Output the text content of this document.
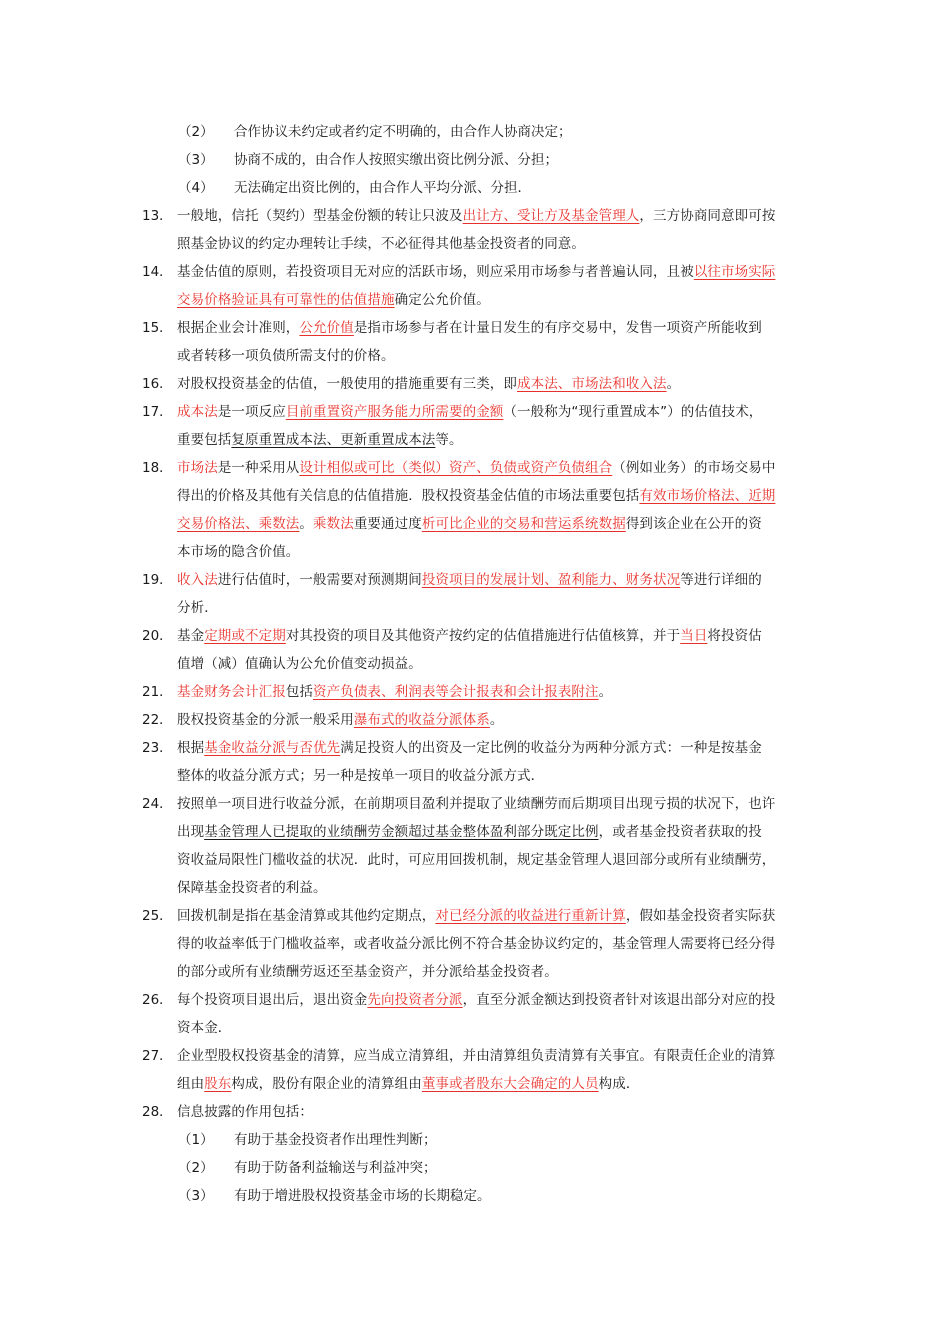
（2） 合作协议未约定或者约定不明确的，由合作人协商决定；
（3） 协商不成的，由合作人按照实缴出资比例分派、分担；
（4） 无法确定出资比例的，由合作人平均分派、分担．
13． 一般地，信托（契约）型基金份额的转让只波及出让方、受让方及基金管理人，三方协商同意即可按
照基金协议的约定办理转让手续，不必征得其他基金投资者的同意。
14． 基金估值的原则，若投资项目无对应的活跃市场，则应采用市场参与者普遍认同，且被以往市场实际
交易价格验证具有可靠性的估值措施确定公允价值。
15． 根据企业会计准则，公允价值是指市场参与者在计量日发生的有序交易中，发售一项资产所能收到
或者转移一项负债所需支付的价格。
16． 对股权投资基金的估值，一般使用的措施重要有三类，即成本法、市场法和收入法。
17． 成本法是一项反应目前重置资产服务能力所需要的金额（一般称为“现行重置成本”）的估值技术，
重要包括复原重置成本法、更新重置成本法等。
18． 市场法是一种采用从设计相似或可比（类似）资产、负债或资产负债组合（例如业务）的市场交易中
得出的价格及其他有关信息的估值措施．股权投资基金估值的市场法重要包括有效市场价格法、近期
交易价格法、乘数法。乘数法重要通过度析可比企业的交易和营运系统数据得到该企业在公开的资
本市场的隐含价值。
19． 收入法进行估值时，一般需要对预测期间投资项目的发展计划、盈利能力、财务状况等进行详细的
分析．
20． 基金定期或不定期对其投资的项目及其他资产按约定的估值措施进行估值核算，并于当日将投资估
值增（减）值确认为公允价值变动损益。
21． 基金财务会计汇报包括资产负债表、利润表等会计报表和会计报表附注。
22． 股权投资基金的分派一般采用瀑布式的收益分派体系。
23． 根据基金收益分派与否优先满足投资人的出资及一定比例的收益分为两种分派方式：一种是按基金
整体的收益分派方式；另一种是按单一项目的收益分派方式．
24． 按照单一项目进行收益分派，在前期项目盈利并提取了业绩酬劳而后期项目出现亏损的状况下，也许
出现基金管理人已提取的业绩酬劳金额超过基金整体盈利部分既定比例，或者基金投资者获取的投
资收益局限性门槛收益的状况．此时，可应用回拨机制，规定基金管理人退回部分或所有业绩酬劳，
保障基金投资者的利益。
25． 回拨机制是指在基金清算或其他约定期点，对已经分派的收益进行重新计算，假如基金投资者实际获
得的收益率低于门槛收益率，或者收益分派比例不符合基金协议约定的，基金管理人需要将已经分得
的部分或所有业绩酬劳返还至基金资产，并分派给基金投资者。
26． 每个投资项目退出后，退出资金先向投资者分派，直至分派金额达到投资者针对该退出部分对应的投
资本金．
27． 企业型股权投资基金的清算，应当成立清算组，并由清算组负责清算有关事宜。有限责任企业的清算
组由股东构成，股份有限企业的清算组由董事或者股东大会确定的人员构成．
28． 信息披露的作用包括：
（1） 有助于基金投资者作出理性判断；
（2） 有助于防备利益输送与利益冲突；
（3） 有助于增进股权投资基金市场的长期稳定。
